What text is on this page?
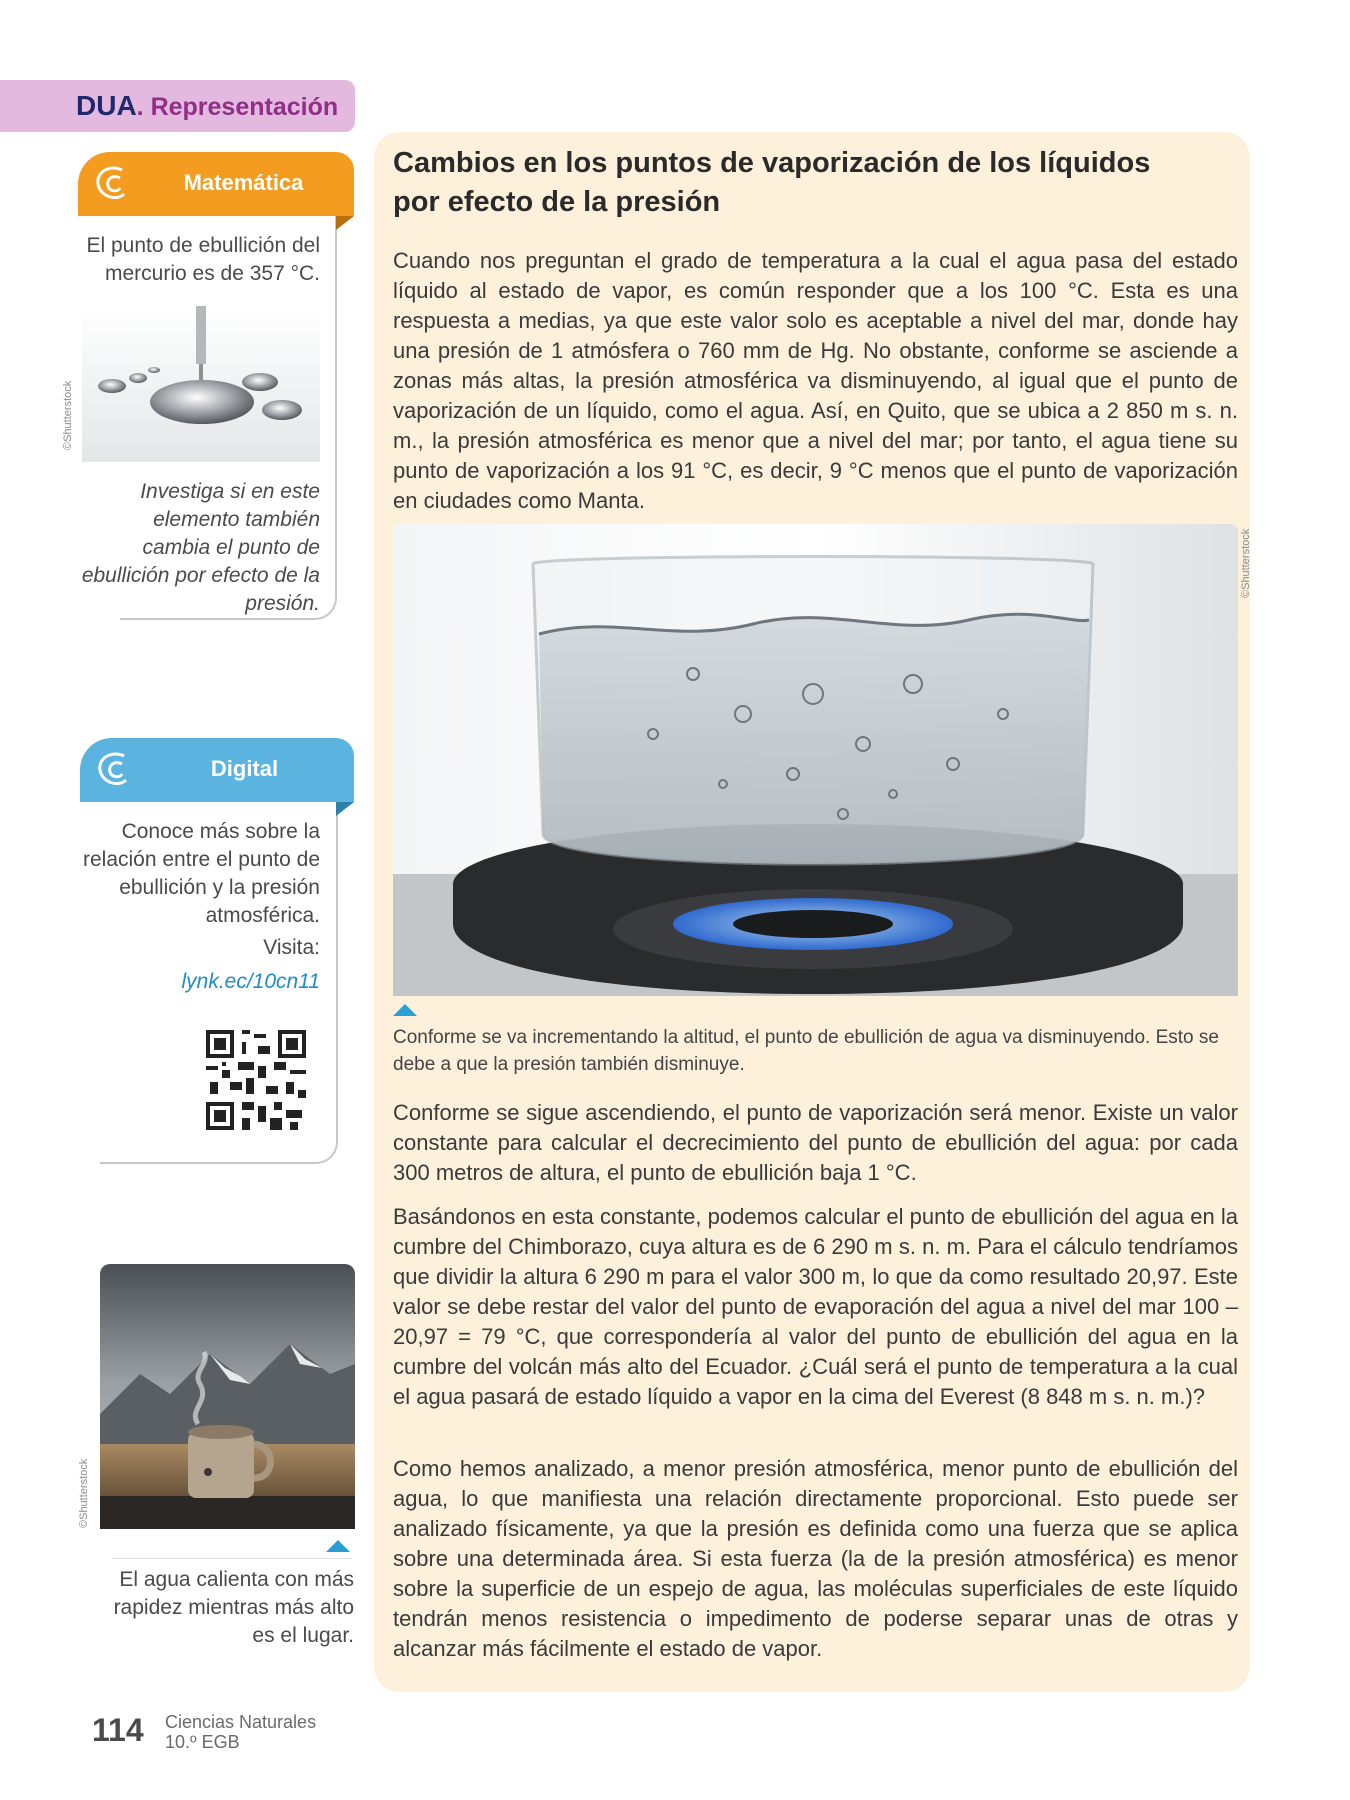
DUA. Representación
Matemática
El punto de ebullición del mercurio es de 357 °C.
©Shutterstock
Investiga si en este elemento también cambia el punto de ebullición por efecto de la presión.
Digital
Conoce más sobre la relación entre el punto de ebullición y la presión atmosférica.
Visita:
lynk.ec/10cn11
©Shutterstock
El agua calienta con más rapidez mientras más alto es el lugar.
Cambios en los puntos de vaporización de los líquidos
por efecto de la presión
Cuando nos preguntan el grado de temperatura a la cual el agua pasa del estado líquido al estado de vapor, es común responder que a los 100 °C. Esta es una respuesta a medias, ya que este valor solo es aceptable a nivel del mar, donde hay una presión de 1 atmósfera o 760 mm de Hg. No obstante, conforme se asciende a zonas más altas, la presión atmosférica va disminuyendo, al igual que el punto de vaporización de un líquido, como el agua. Así, en Quito, que se ubica a 2 850 m s. n. m., la presión atmosférica es menor que a nivel del mar; por tanto, el agua tiene su punto de vaporización a los 91 °C, es decir, 9 °C menos que el punto de vaporización en ciudades como Manta.
©Shutterstock
Conforme se va incrementando la altitud, el punto de ebullición de agua va disminuyendo. Esto se debe a que la presión también disminuye.
Conforme se sigue ascendiendo, el punto de vaporización será menor. Existe un valor constante para calcular el decrecimiento del punto de ebullición del agua: por cada 300 metros de altura, el punto de ebullición baja 1 °C.
Basándonos en esta constante, podemos calcular el punto de ebullición del agua en la cumbre del Chimborazo, cuya altura es de 6 290 m s. n. m. Para el cálculo tendríamos que dividir la altura 6 290 m para el valor 300 m, lo que da como resultado 20,97. Este valor se debe restar del valor del punto de evaporación del agua a nivel del mar 100 – 20,97 = 79 °C, que correspondería al valor del punto de ebullición del agua en la cumbre del volcán más alto del Ecuador. ¿Cuál será el punto de temperatura a la cual el agua pasará de estado líquido a vapor en la cima del Everest (8 848 m s. n. m.)?
Como hemos analizado, a menor presión atmosférica, menor punto de ebullición del agua, lo que manifiesta una relación directamente proporcional. Esto puede ser analizado físicamente, ya que la presión es definida como una fuerza que se aplica sobre una determinada área. Si esta fuerza (la de la presión atmosférica) es menor sobre la superficie de un espejo de agua, las moléculas superficiales de este líquido tendrán menos resistencia o impedimento de poderse separar unas de otras y alcanzar más fácilmente el estado de vapor.
114 Ciencias Naturales
10.º EGB
